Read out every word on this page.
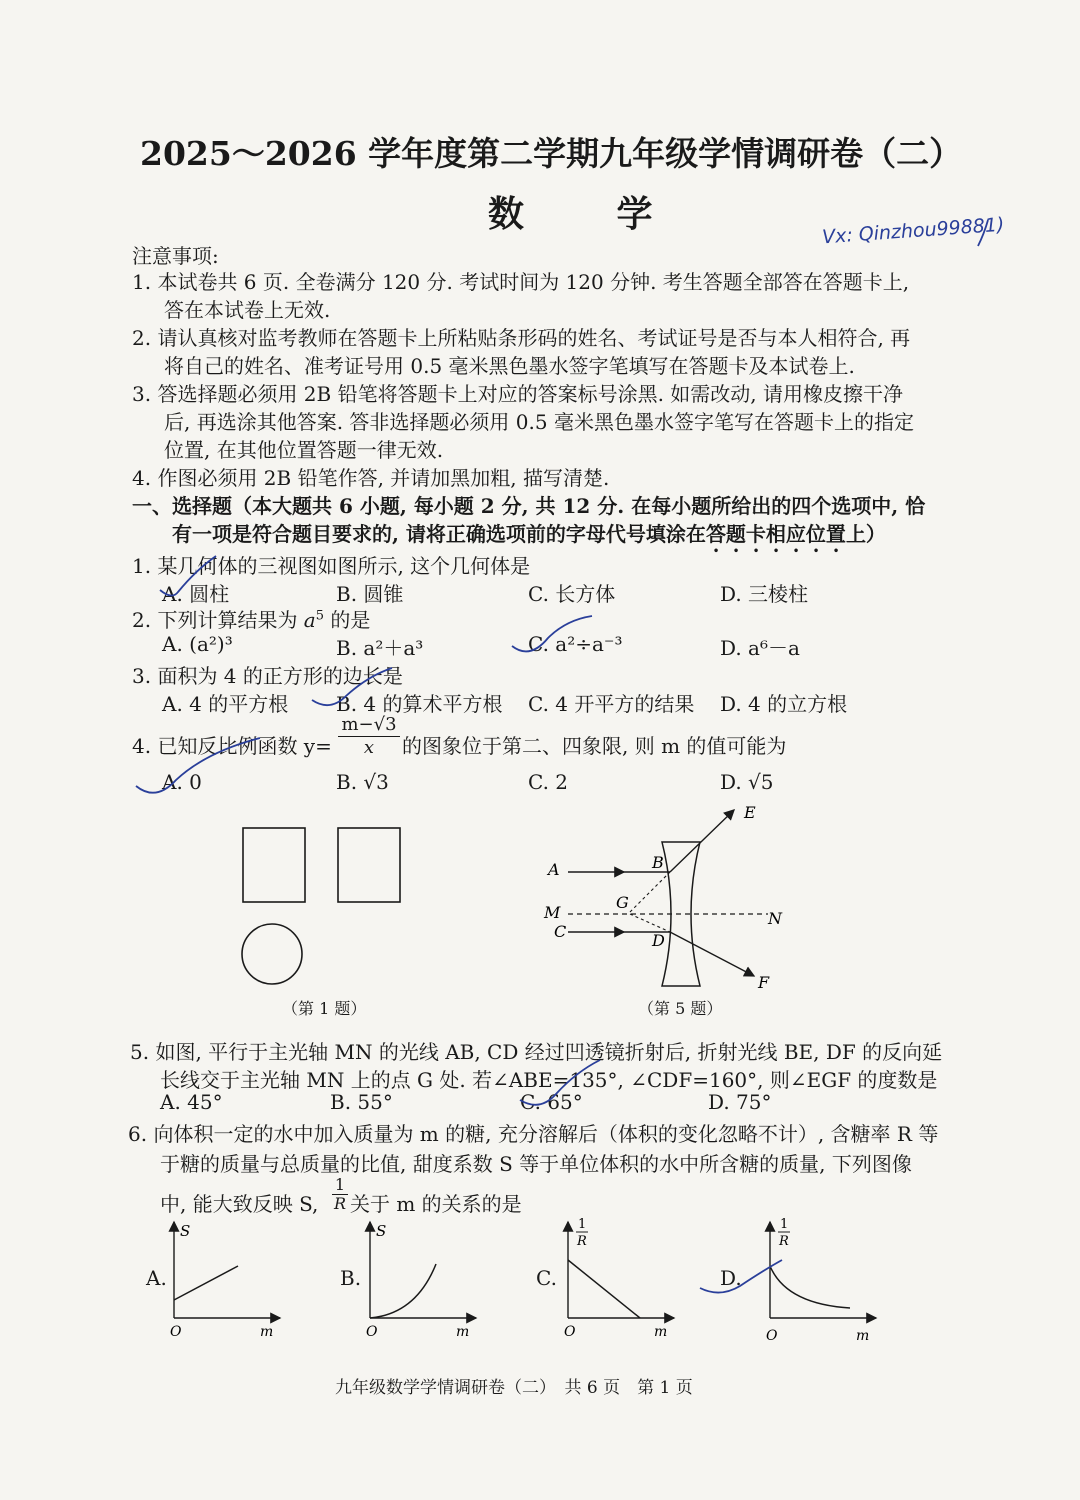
2025～2026 学年度第二学期九年级学情调研卷（二）
数 学	Vx: Qinzhou99881)
注意事项:
1. 本试卷共 6 页. 全卷满分 120 分. 考试时间为 120 分钟. 考生答题全部答在答题卡上,
答在本试卷上无效.
2. 请认真核对监考教师在答题卡上所粘贴条形码的姓名、考试证号是否与本人相符合, 再
将自己的姓名、准考证号用 0.5 毫米黑色墨水签字笔填写在答题卡及本试卷上.
3. 答选择题必须用 2B 铅笔将答题卡上对应的答案标号涂黑. 如需改动, 请用橡皮擦干净
后, 再选涂其他答案. 答非选择题必须用 0.5 毫米黑色墨水签字笔写在答题卡上的指定
位置, 在其他位置答题一律无效.
4. 作图必须用 2B 铅笔作答, 并请加黑加粗, 描写清楚.
一、选择题（本大题共 6 小题, 每小题 2 分, 共 12 分. 在每小题所给出的四个选项中, 恰
有一项是符合题目要求的, 请将正确选项前的字母代号填涂在答题卡相应位置上）
1. 某几何体的三视图如图所示, 这个几何体是
A. 圆柱	B. 圆锥	C. 长方体	D. 三棱柱
2. 下列计算结果为 $a^5$ 的是
A. (a²)³	B. a²＋a³	C. a²÷a⁻³	D. a⁶－a
3. 面积为 4 的正方形的边长是
A. 4 的平方根 B. 4 的算术平方根 C. 4 开平方的结果 D. 4 的立方根
4. 已知反比例函数 $y= \frac{m-√3}{x}$ 的图象位于第二、四象限, 则 m 的值可能为
A. 0	B. √3	C. 2	D. √5
（第 1 题）
A	B
C	D
E
F
G
M	N
（第 5 题）
5. 如图, 平行于主光轴 MN 的光线 AB, CD 经过凹透镜折射后, 折射光线 BE, DF 的反向延
长线交于主光轴 MN 上的点 G 处. 若∠ABE=135°, ∠CDF=160°, 则∠EGF 的度数是
A. 45°	B. 55°	C. 65°	D. 75°
6. 向体积一定的水中加入质量为 m 的糖, 充分溶解后（体积的变化忽略不计）, 含糖率 R 等
于糖的质量与总质量的比值, 甜度系数 S 等于单位体积的水中所含糖的质量, 下列图像
中, 能大致反映 S, $\frac{1}{R}$ 关于 m 的关系的是
A.
S
O	m
B.
S
O	m
C.
1
R
O	m
D.
1
R
O	m
九年级数学学情调研卷（二）　共 6 页　第 1 页
